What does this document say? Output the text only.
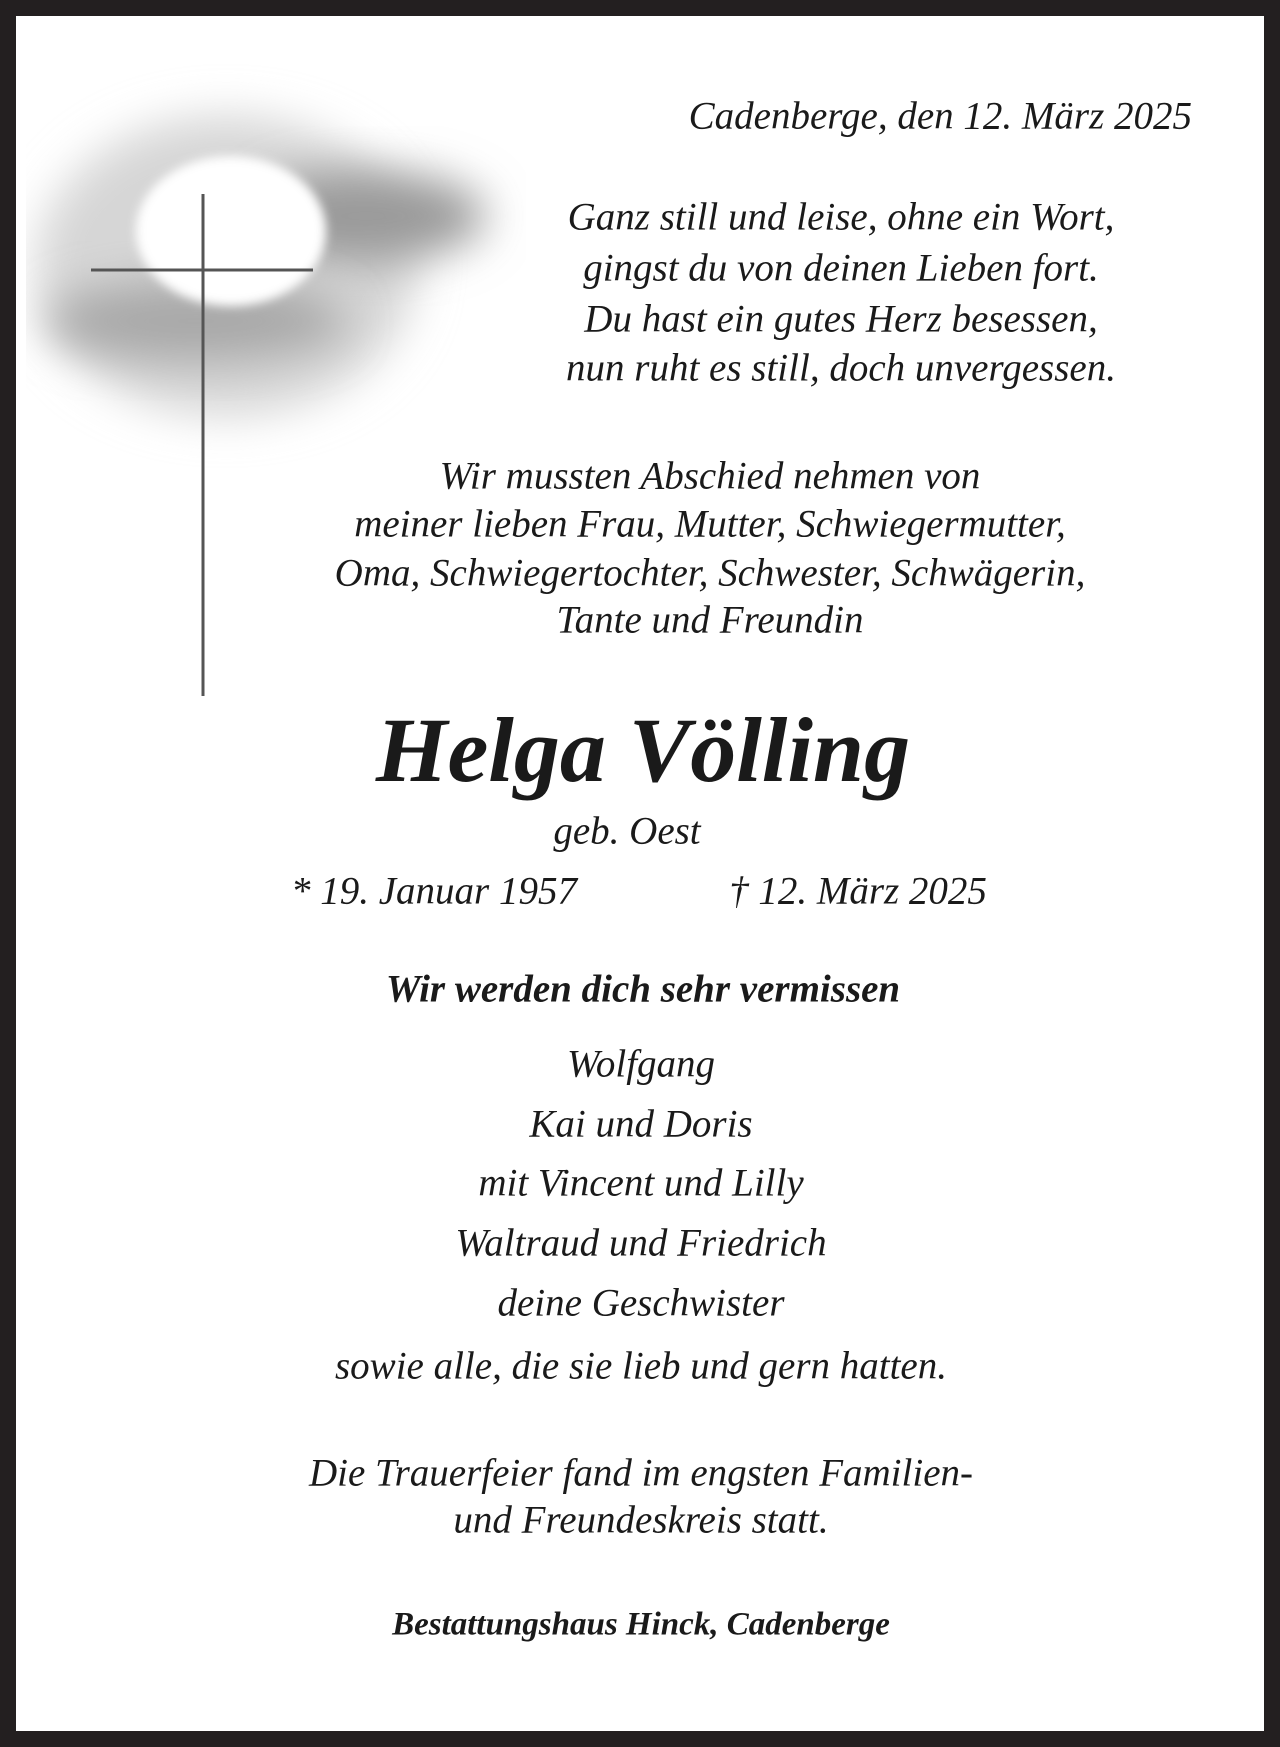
Cadenberge, den 12. März 2025
Ganz still und leise, ohne ein Wort,
gingst du von deinen Lieben fort.
Du hast ein gutes Herz besessen,
nun ruht es still, doch unvergessen.
Wir mussten Abschied nehmen von
meiner lieben Frau, Mutter, Schwiegermutter,
Oma, Schwiegertochter, Schwester, Schwägerin,
Tante und Freundin
Helga Völling
geb. Oest
* 19. Januar 1957	† 12. März 2025
Wir werden dich sehr vermissen
Wolfgang
Kai und Doris
mit Vincent und Lilly
Waltraud und Friedrich
deine Geschwister
sowie alle, die sie lieb und gern hatten.
Die Trauerfeier fand im engsten Familien-
und Freundeskreis statt.
Bestattungshaus Hinck, Cadenberge
